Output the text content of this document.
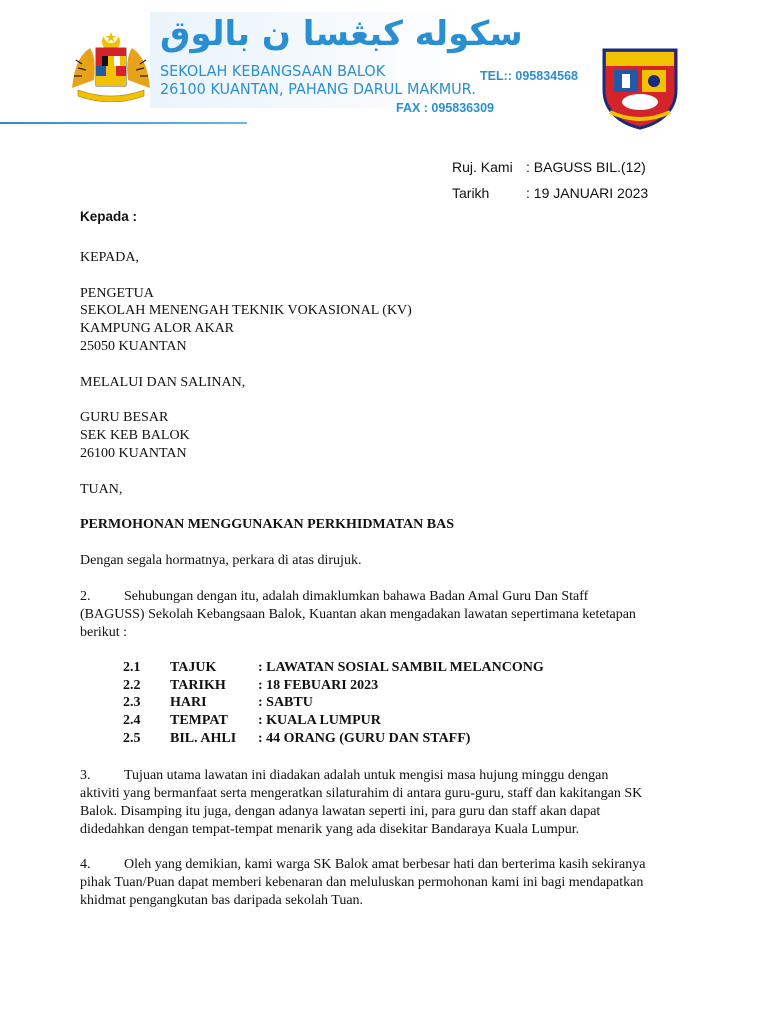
سکوله کبڠسا ن بالوق
SEKOLAH KEBANGSAAN BALOK
26100 KUANTAN, PAHANG DARUL MAKMUR.
TEL:: 095834568
FAX : 095836309
Ruj. Kami : BAGUSS BIL.(12)
Tarikh	: 19 JANUARI 2023
Kepada :
KEPADA,
PENGETUA
SEKOLAH MENENGAH TEKNIK VOKASIONAL (KV)
KAMPUNG ALOR AKAR
25050 KUANTAN
MELALUI DAN SALINAN,
GURU BESAR
SEK KEB BALOK
26100 KUANTAN
TUAN,
PERMOHONAN MENGGUNAKAN PERKHIDMATAN BAS
Dengan segala hormatnya, perkara di atas dirujuk.
2. Sehubungan dengan itu, adalah dimaklumkan bahawa Badan Amal Guru Dan Staff
(BAGUSS) Sekolah Kebangsaan Balok, Kuantan akan mengadakan lawatan sepertimana ketetapan
berikut :
2.1 TAJUK	: LAWATAN SOSIAL SAMBIL MELANCONG
2.2 TARIKH : 18 FEBUARI 2023
2.3 HARI	: SABTU
2.4 TEMPAT : KUALA LUMPUR
2.5BIL. AHLI : 44 ORANG (GURU DAN STAFF)
3. Tujuan utama lawatan ini diadakan adalah untuk mengisi masa hujung minggu dengan
aktiviti yang bermanfaat serta mengeratkan silaturahim di antara guru-guru, staff dan kakitangan SK
Balok. Disamping itu juga, dengan adanya lawatan seperti ini, para guru dan staff akan dapat
didedahkan dengan tempat-tempat menarik yang ada disekitar Bandaraya Kuala Lumpur.
4. Oleh yang demikian, kami warga SK Balok amat berbesar hati dan berterima kasih sekiranya
pihak Tuan/Puan dapat memberi kebenaran dan meluluskan permohonan kami ini bagi mendapatkan
khidmat pengangkutan bas daripada sekolah Tuan.
